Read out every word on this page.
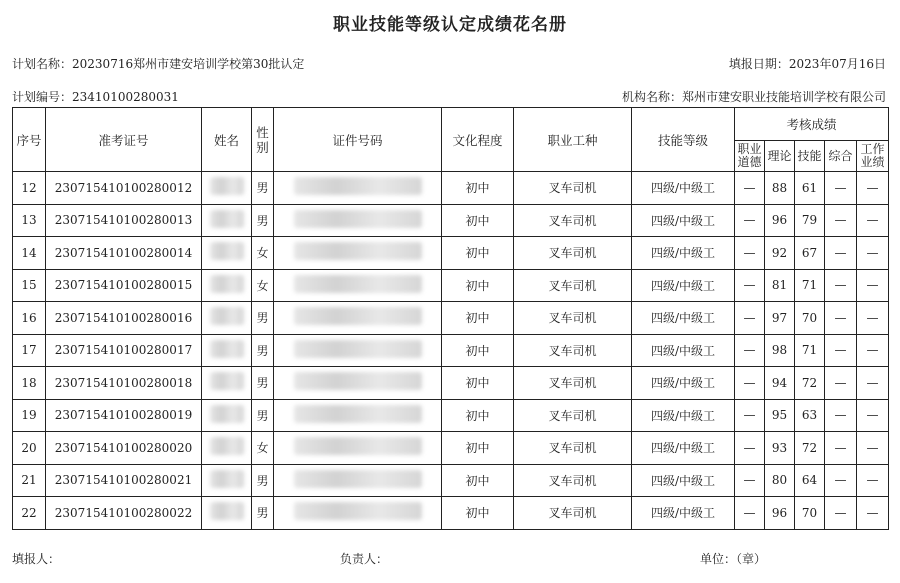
职业技能等级认定成绩花名册
计划名称：20230716郑州市建安培训学校第30批认定	填报日期：2023年07月16日
计划编号：23410100280031	机构名称：郑州市建安职业技能培训学校有限公司
序号	准考证号	姓名	性别	证件号码	文化程度	职业工种	技能等级	考核成绩				
								职业道德	理论	技能	综合	工作业绩
12	230715410100280012		男		初中	叉车司机	四级/中级工	—	88	61	—	—
13	230715410100280013		男		初中	叉车司机	四级/中级工	—	96	79	—	—
14	230715410100280014		女		初中	叉车司机	四级/中级工	—	92	67	—	—
15	230715410100280015		女		初中	叉车司机	四级/中级工	—	81	71	—	—
16	230715410100280016		男		初中	叉车司机	四级/中级工	—	97	70	—	—
17	230715410100280017		男		初中	叉车司机	四级/中级工	—	98	71	—	—
18	230715410100280018		男		初中	叉车司机	四级/中级工	—	94	72	—	—
19	230715410100280019		男		初中	叉车司机	四级/中级工	—	95	63	—	—
20	230715410100280020		女		初中	叉车司机	四级/中级工	—	93	72	—	—
21	230715410100280021		男		初中	叉车司机	四级/中级工	—	80	64	—	—
22	230715410100280022		男		初中	叉车司机	四级/中级工	—	96	70	—	—
填报人：	负责人：	单位：（章）
